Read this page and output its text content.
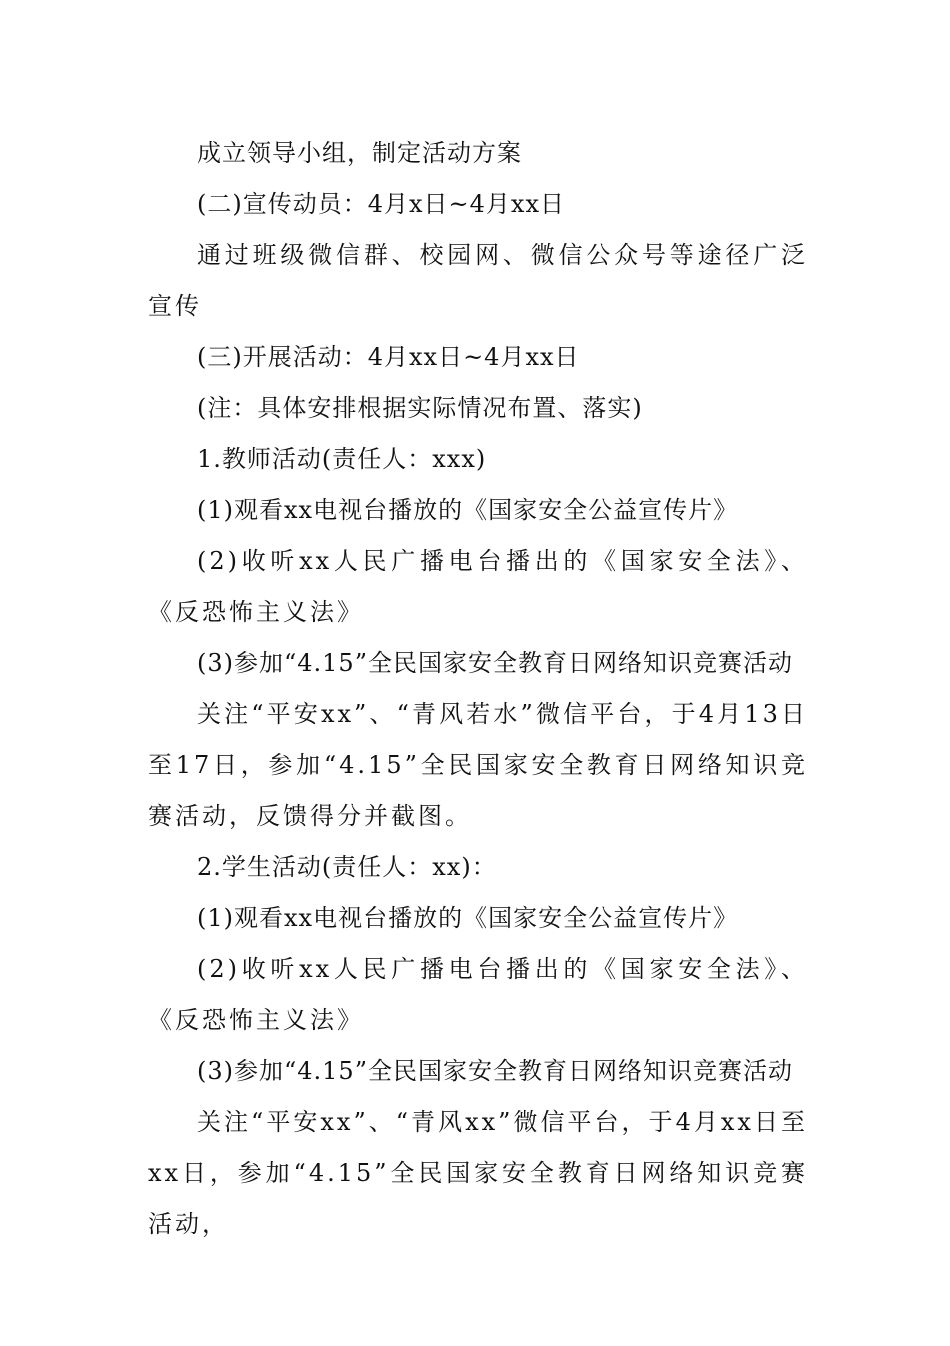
成立领导小组，制定活动方案

(二)宣传动员：4月x日~4月xx日

通过班级微信群、校园网、微信公众号等途径广泛宣传

(三)开展活动：4月xx日~4月xx日

(注：具体安排根据实际情况布置、落实)

1.教师活动(责任人：xxx)

(1)观看xx电视台播放的《国家安全公益宣传片》

(2)收听xx人民广播电台播出的《国家安全法》、《反恐怖主义法》

(3)参加“4.15”全民国家安全教育日网络知识竞赛活动

关注“平安xx”、“青风若水”微信平台，于4月13日至17日，参加“4.15”全民国家安全教育日网络知识竞赛活动，反馈得分并截图。

2.学生活动(责任人：xx)：

(1)观看xx电视台播放的《国家安全公益宣传片》

(2)收听xx人民广播电台播出的《国家安全法》、《反恐怖主义法》

(3)参加“4.15”全民国家安全教育日网络知识竞赛活动

关注“平安xx”、“青风xx”微信平台，于4月xx日至xx日，参加“4.15”全民国家安全教育日网络知识竞赛活动，
